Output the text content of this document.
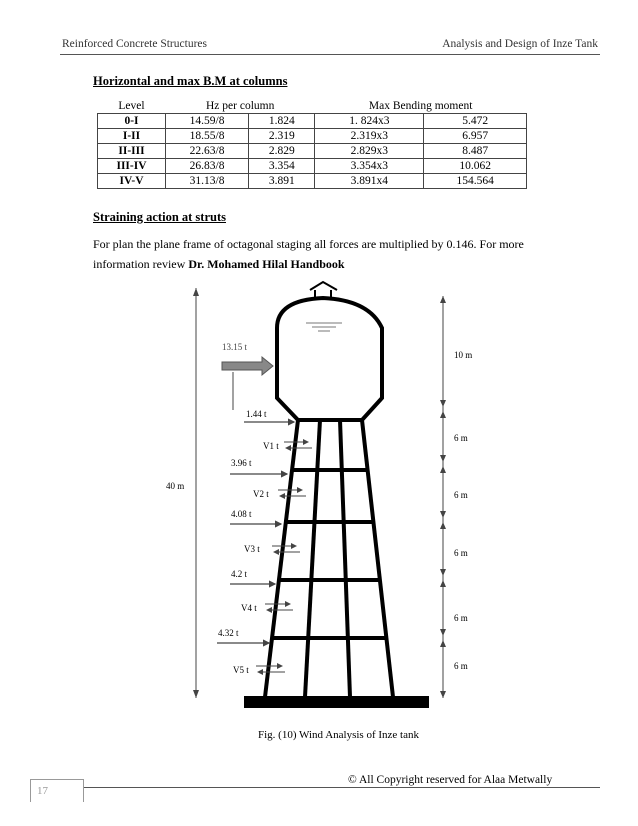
Reinforced Concrete Structures	Analysis and Design of Inze Tank
Horizontal and max B.M at columns
Level	Hz per column		Max Bending moment	
0-I	14.59/8	1.824	1. 824x3	5.472
I-II	18.55/8	2.319	2.319x3	6.957
II-III	22.63/8	2.829	2.829x3	8.487
III-IV	26.83/8	3.354	3.354x3	10.062
IV-V	31.13/8	3.891	3.891x4	154.564
Straining action at struts
For plan the plane frame of octagonal staging all forces are multiplied by 0.146. For more information review Dr. Mohamed Hilal Handbook
13.15 t
1.44 t
3.96 t
4.08 t
4.2 t
4.32 t
V1 t
V2 t
V3 t
V4 t
V5 t
40 m
10 m
6 m
6 m
6 m
6 m
6 m
Fig. (10) Wind Analysis of Inze tank
© All Copyright reserved for Alaa Metwally
17
